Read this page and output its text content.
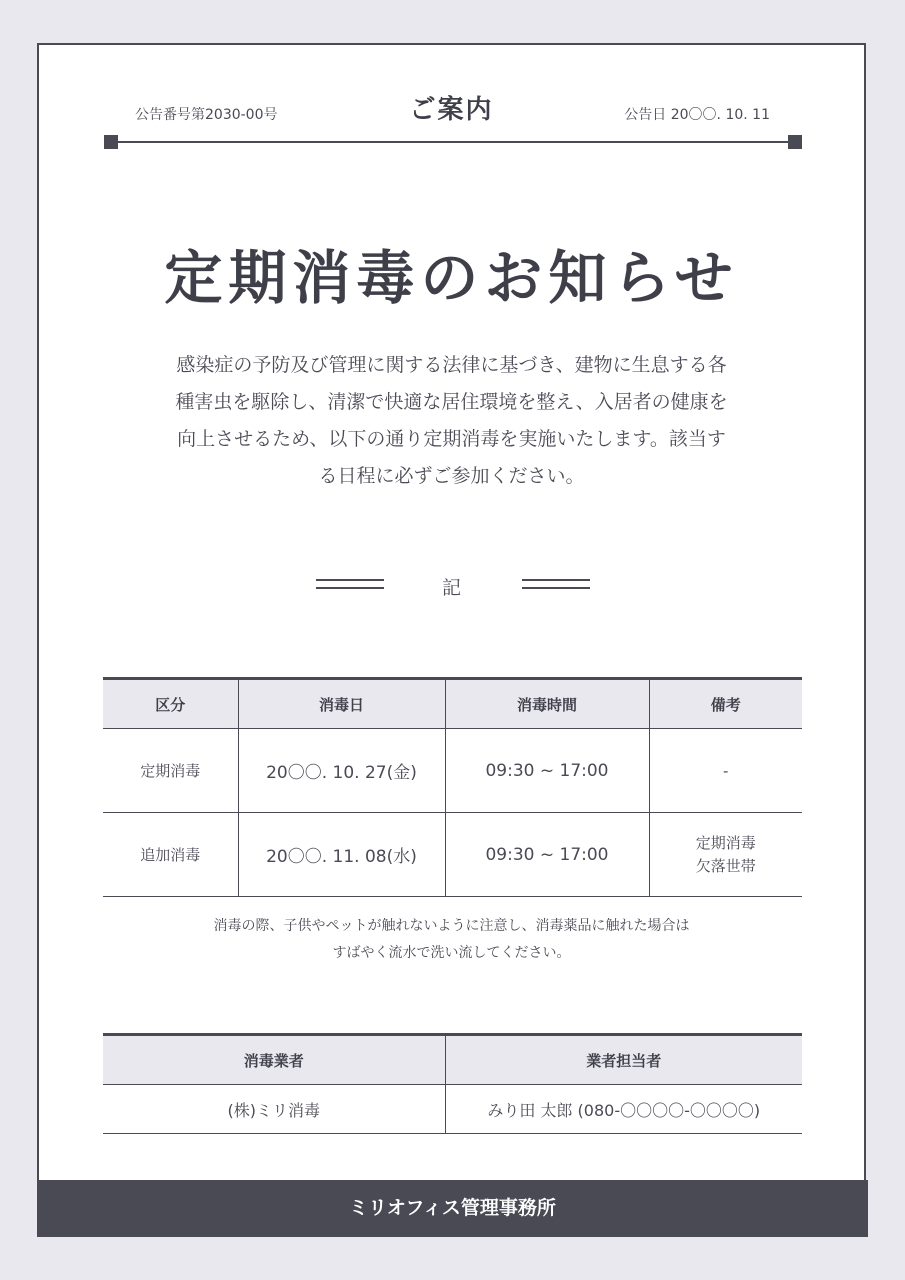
公告番号第2030-00号	ご案内	公告日 20〇〇. 10. 11
定期消毒のお知らせ
感染症の予防及び管理に関する法律に基づき、建物に生息する各
種害虫を駆除し、清潔で快適な居住環境を整え、入居者の健康を
向上させるため、以下の通り定期消毒を実施いたします。該当す
る日程に必ずご参加ください。
記
区分	消毒日	消毒時間	備考
定期消毒	20〇〇. 10. 27(金)	09:30 ~ 17:00	-
追加消毒	20〇〇. 11. 08(水)	09:30 ~ 17:00	定期消毒
欠落世帯
消毒の際、子供やペットが触れないように注意し、消毒薬品に触れた場合は
すばやく流水で洗い流してください。
消毒業者	業者担当者
(株)ミリ消毒	みり田 太郎 (080-〇〇〇〇-〇〇〇〇)
ミリオフィス管理事務所
